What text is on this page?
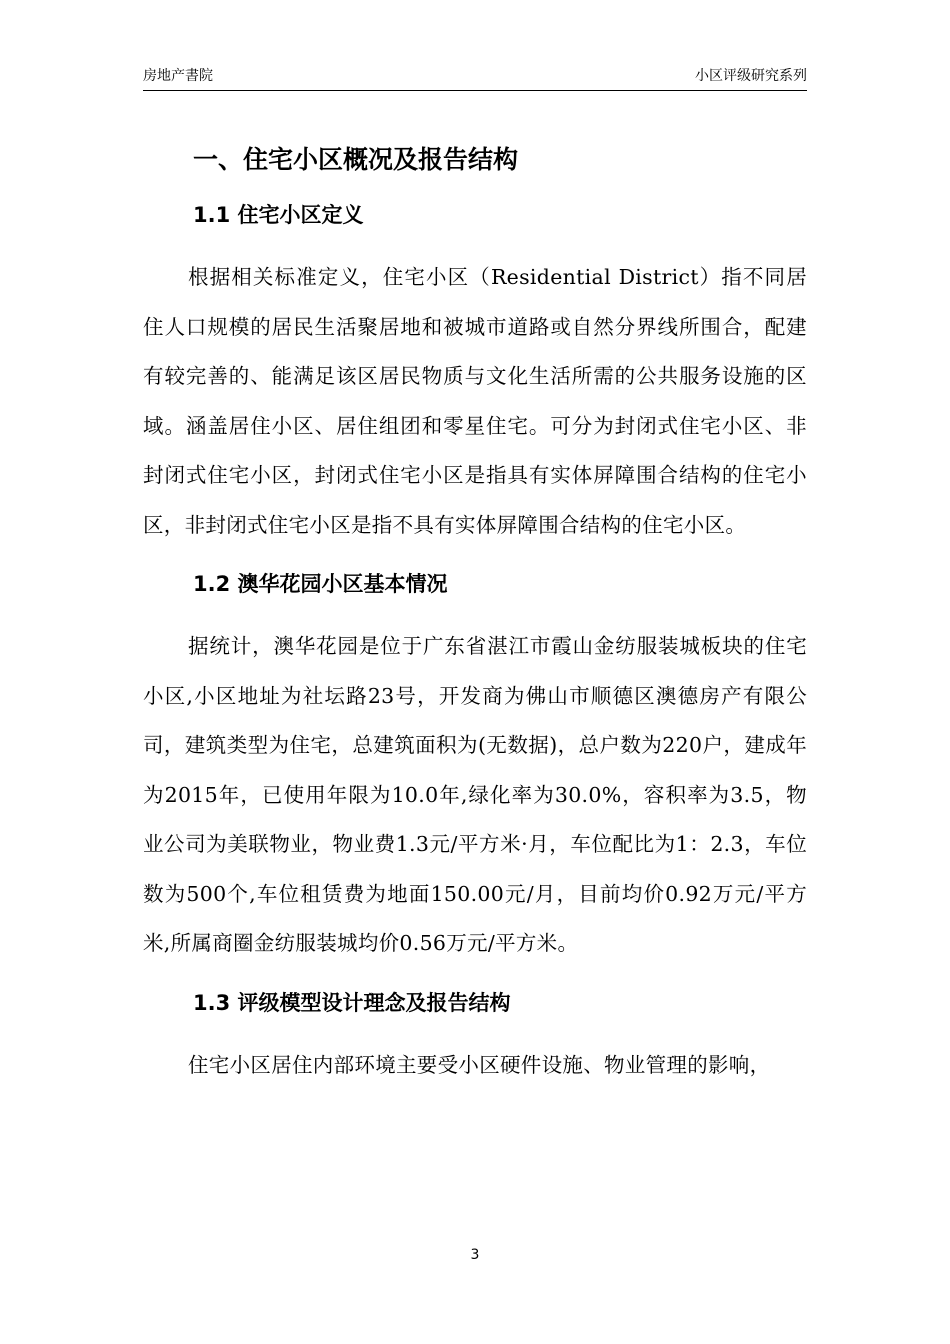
房地产書院	小区评级研究系列
一、住宅小区概况及报告结构
1.1 住宅小区定义

根据相关标准定义，住宅小区（Residential District）指不同居住人口规模的居民生活聚居地和被城市道路或自然分界线所围合，配建有较完善的、能满足该区居民物质与文化生活所需的公共服务设施的区域。涵盖居住小区、居住组团和零星住宅。可分为封闭式住宅小区、非封闭式住宅小区，封闭式住宅小区是指具有实体屏障围合结构的住宅小区，非封闭式住宅小区是指不具有实体屏障围合结构的住宅小区。

1.2 澳华花园小区基本情况

据统计，澳华花园是位于广东省湛江市霞山金纺服装城板块的住宅小区,小区地址为社坛路23号，开发商为佛山市顺德区澳德房产有限公司，建筑类型为住宅，总建筑面积为(无数据)，总户数为220户，建成年为2015年，已使用年限为10.0年,绿化率为30.0%，容积率为3.5，物业公司为美联物业，物业费1.3元/平方米·月，车位配比为1：2.3，车位数为500个,车位租赁费为地面150.00元/月，目前均价0.92万元/平方米,所属商圈金纺服装城均价0.56万元/平方米。

1.3 评级模型设计理念及报告结构

住宅小区居住内部环境主要受小区硬件设施、物业管理的影响，

3
